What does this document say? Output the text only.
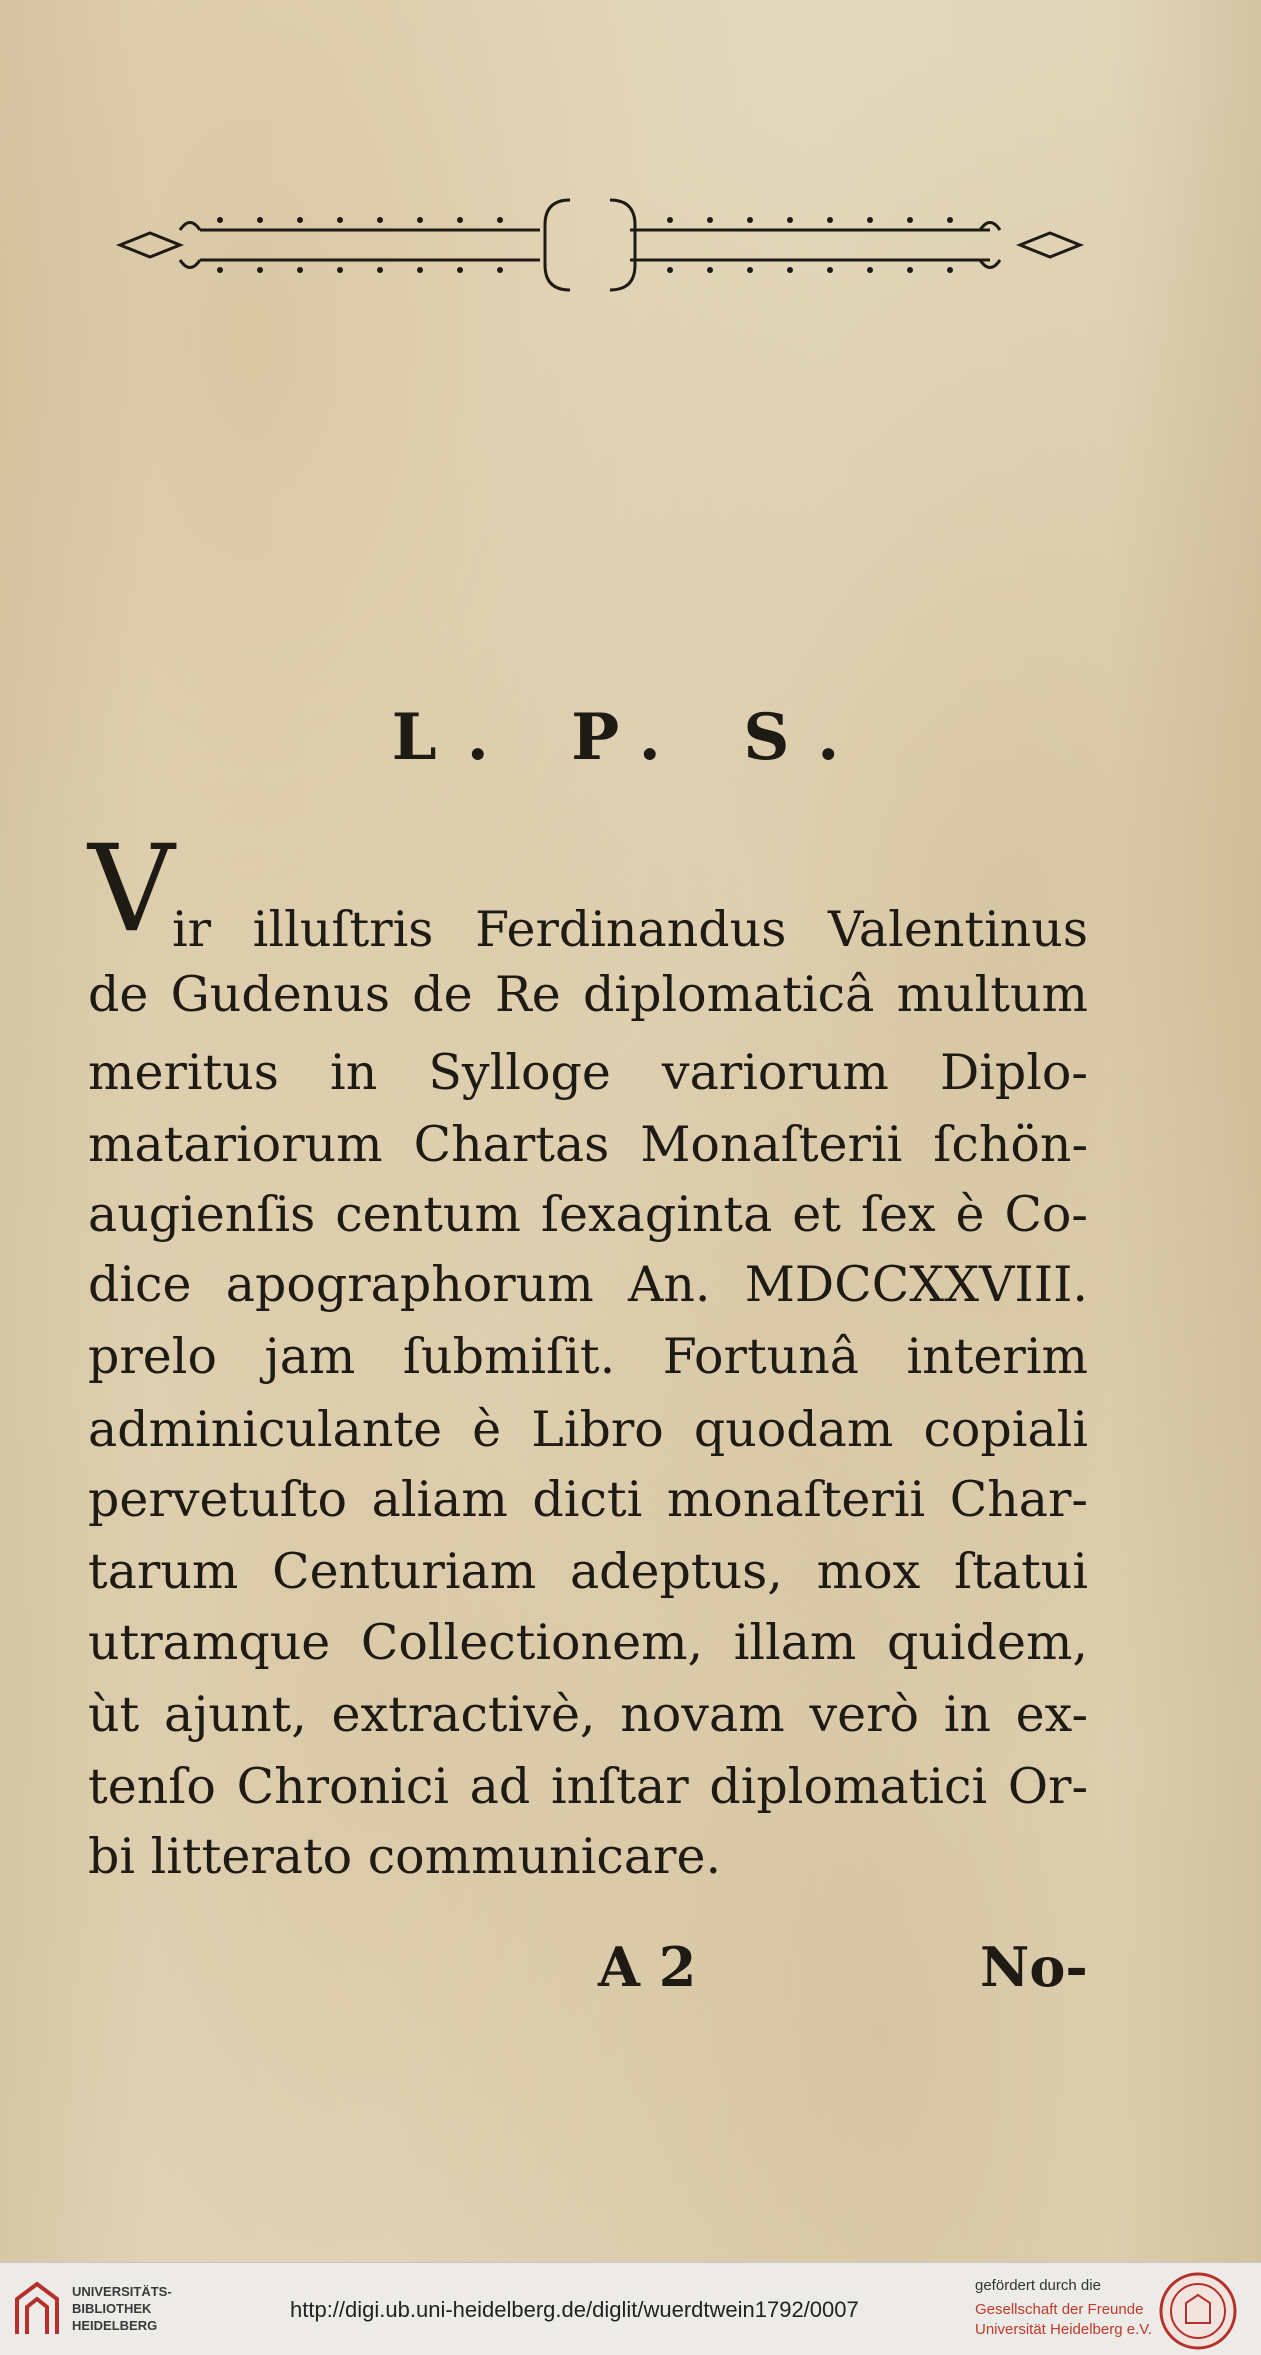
L. P. S.
V
ir illuſtris Ferdinandus Valentinus
de Gudenus de Re diplomaticâ multum
meritus in Sylloge variorum Diplo-
matariorum Chartas Monaſterii ſchön-
augienſis centum ſexaginta et ſex è Co-
dice apographorum An. MDCCXXVIII.
prelo jam ſubmiſit. Fortunâ interim
adminiculante è Libro quodam copiali
pervetuſto aliam dicti monaſterii Char-
tarum Centuriam adeptus, mox ſtatui
utramque Collectionem, illam quidem,
ùt ajunt, extractivè, novam verò in ex-
tenſo Chronici ad inſtar diplomatici Or-
bi litterato communicare.
A 2	No-
UNIVERSITÄTS-
BIBLIOTHEK
HEIDELBERG
http://digi.ub.uni-heidelberg.de/diglit/wuerdtwein1792/0007
gefördert durch die
Gesellschaft der Freunde
Universität Heidelberg e.V.
